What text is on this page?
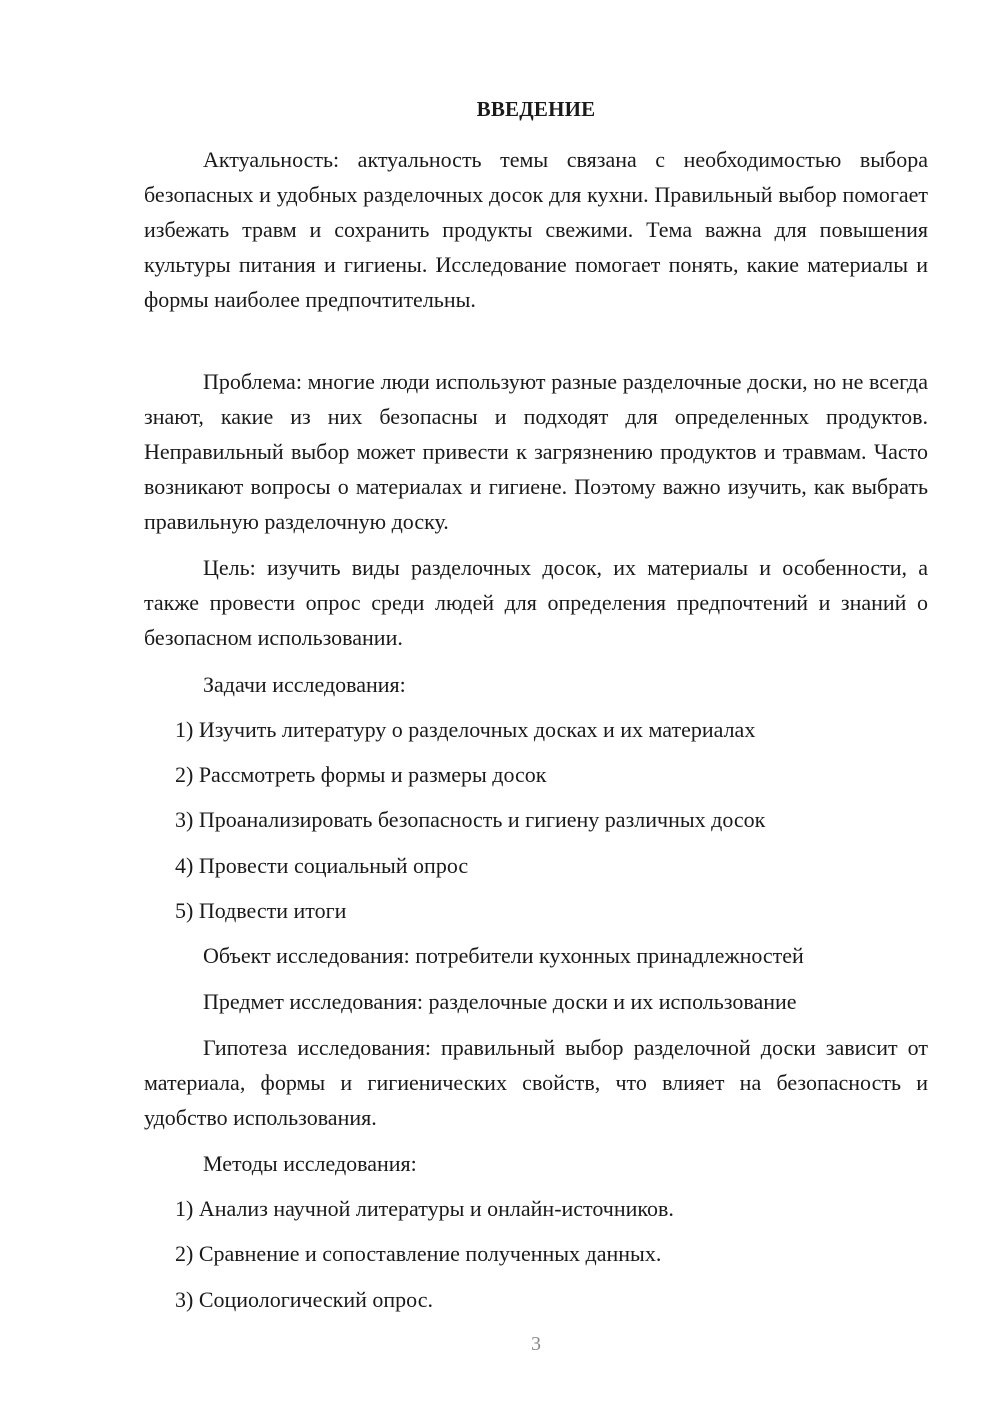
ВВЕДЕНИЕ
Актуальность: актуальность темы связана с необходимостью выбора безопасных и удобных разделочных досок для кухни. Правильный выбор помогает избежать травм и сохранить продукты свежими. Тема важна для повышения культуры питания и гигиены. Исследование помогает понять, какие материалы и формы наиболее предпочтительны.
Проблема: многие люди используют разные разделочные доски, но не всегда знают, какие из них безопасны и подходят для определенных продуктов. Неправильный выбор может привести к загрязнению продуктов и травмам. Часто возникают вопросы о материалах и гигиене. Поэтому важно изучить, как выбрать правильную разделочную доску.
Цель: изучить виды разделочных досок, их материалы и особенности, а также провести опрос среди людей для определения предпочтений и знаний о безопасном использовании.
Задачи исследования:
1) Изучить литературу о разделочных досках и их материалах
2) Рассмотреть формы и размеры досок
3) Проанализировать безопасность и гигиену различных досок
4) Провести социальный опрос
5) Подвести итоги
Объект исследования: потребители кухонных принадлежностей
Предмет исследования: разделочные доски и их использование
Гипотеза исследования: правильный выбор разделочной доски зависит от материала, формы и гигиенических свойств, что влияет на безопасность и удобство использования.
Методы исследования:
1) Анализ научной литературы и онлайн-источников.
2) Сравнение и сопоставление полученных данных.
3) Социологический опрос.
3
